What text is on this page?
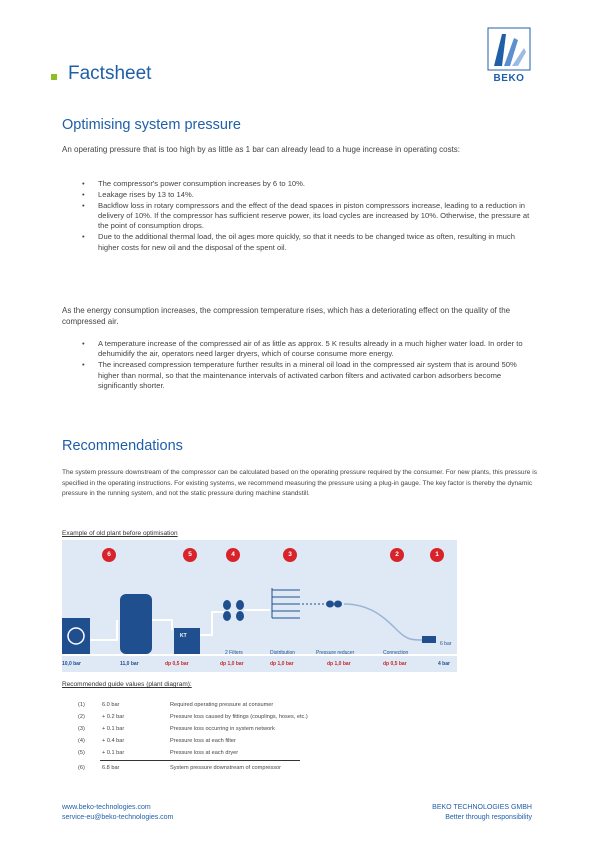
Factsheet	BEKO
Optimising system pressure
An operating pressure that is too high by as little as 1 bar can already lead to a huge increase in operating costs:
• The compressor's power consumption increases by 6 to 10%.
• Leakage rises by 13 to 14%.
• Backflow loss in rotary compressors and the effect of the dead spaces in piston compressors increase, leading to a reduction in delivery of 10%. If the compressor has sufficient reserve power, its load cycles are increased by 10%. Otherwise, the pressure at the point of consumption drops.
• Due to the additional thermal load, the oil ages more quickly, so that it needs to be changed twice as often, resulting in much higher costs for new oil and the disposal of the spent oil.
As the energy consumption increases, the compression temperature rises, which has a deteriorating effect on the quality of the compressed air.
• A temperature increase of the compressed air of as little as approx. 5 K results already in a much higher water load. In order to dehumidify the air, operators need larger dryers, which of course consume more energy.
• The increased compression temperature further results in a mineral oil load in the compressed air system that is around 50% higher than normal, so that the maintenance intervals of activated carbon filters and activated carbon adsorbers become significantly shorter.
Recommendations
The system pressure downstream of the compressor can be calculated based on the operating pressure required by the consumer. For new plants, this pressure is specified in the operating instructions. For existing systems, we recommend measuring the pressure using a plug-in gauge. The key factor is thereby the dynamic pressure in the running system, and not the static pressure during machine standstill.
Example of old plant before optimisation
6	5	4	3	2	1
KT
2 Filters	Distribution	Pressure reducer	Connection
6 bar
10,0 bar	11,0 bar	dp 0,5 bar	dp 1,0 bar	dp 1,0 bar	dp 1,0 bar	dp 0,5 bar	4 bar
Recommended guide values (plant diagram):
(1)	6.0 bar	Required operating pressure at consumer
(2)	+ 0.2 bar	Pressure loss caused by fittings (couplings, hoses, etc.)
(3)	+ 0.1 bar	Pressure loss occurring in system network
(4)	+ 0.4 bar	Pressure loss at each filter
(5)	+ 0.1 bar	Pressure loss at each dryer
(6)	6.8 bar	System pressure downstream of compressor
www.beko-technologies.com
service-eu@beko-technologies.com
BEKO TECHNOLOGIES GMBH
Better through responsibility
